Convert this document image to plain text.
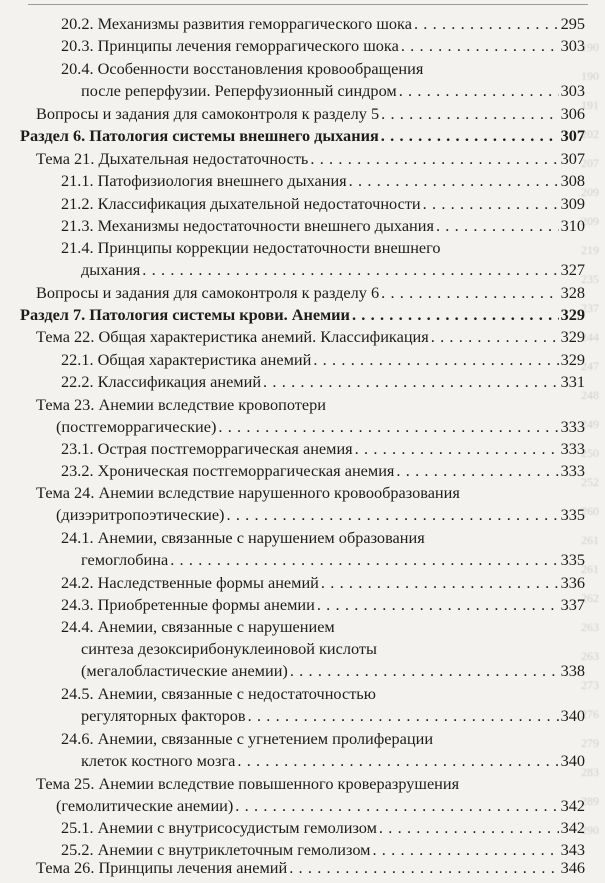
190
190
191
202
207
209
209
219
235
237
244
247
248
249
250
252
260
261
261
262
263
263
273
276
279
283
289
290
20.2. Механизмы развития геморрагического шока . . .	295
20.3. Принципы лечения геморрагического шока . . .	303
20.4. Особенности восстановления кровообращения
после реперфузии. Реперфузионный синдром . . .	303
Вопросы и задания для самоконтроля к разделу 5 . . .	306
Раздел 6. Патология системы внешнего дыхания . . .	307
Тема 21. Дыхательная недостаточность . . .	307
21.1. Патофизиология внешнего дыхания . . .	308
21.2. Классификация дыхательной недостаточности . . .	309
21.3. Механизмы недостаточности внешнего дыхания . . .	310
21.4. Принципы коррекции недостаточности внешнего
дыхания . . .	327
Вопросы и задания для самоконтроля к разделу 6 . . .	328
Раздел 7. Патология системы крови. Анемии . . .	329
Тема 22. Общая характеристика анемий. Классификация . . .	329
22.1. Общая характеристика анемий . . .	329
22.2. Классификация анемий . . .	331
Тема 23. Анемии вследствие кровопотери
(постгеморрагические) . . .	333
23.1. Острая постгеморрагическая анемия . . .	333
23.2. Хроническая постгеморрагическая анемия . . .	333
Тема 24. Анемии вследствие нарушенного кровообразования
(дизэритропоэтические) . . .	335
24.1. Анемии, связанные с нарушением образования
гемоглобина . . .	335
24.2. Наследственные формы анемий . . .	336
24.3. Приобретенные формы анемии . . .	337
24.4. Анемии, связанные с нарушением
синтеза дезоксирибонуклеиновой кислоты
(мегалобластические анемии) . . .	338
24.5. Анемии, связанные с недостаточностью
регуляторных факторов . . .	340
24.6. Анемии, связанные с угнетением пролиферации
клеток костного мозга . . .	340
Тема 25. Анемии вследствие повышенного кроверазрушения
(гемолитические анемии) . . .	342
25.1. Анемии с внутрисосудистым гемолизом . . .	342
25.2. Анемии с внутриклеточным гемолизом . . .	343
Тема 26. Принципы лечения анемий . . .	346
